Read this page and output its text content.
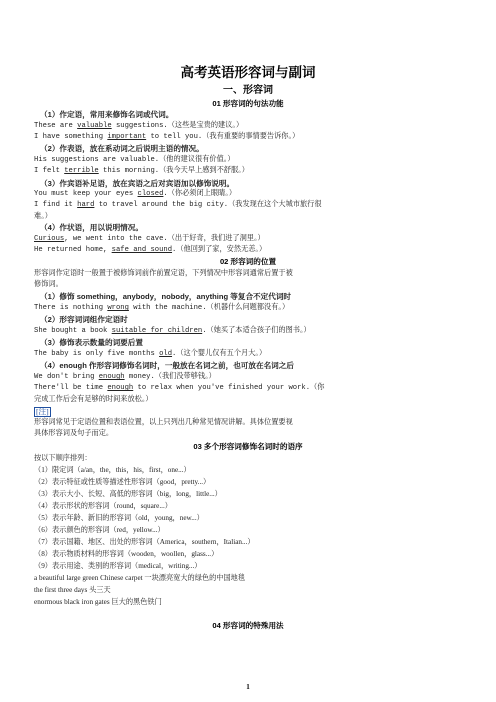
高考英语形容词与副词
一、形容词
01 形容词的句法功能
（1）作定语，常用来修饰名词或代词。
These are valuable suggestions.（这些是宝贵的建议。）
I have something important to tell you.（我有重要的事情要告诉你。）
（2）作表语，放在系动词之后说明主语的情况。
His suggestions are valuable.（他的建议很有价值。）
I felt terrible this morning.（我今天早上感到不舒服。）
（3）作宾语补足语，放在宾语之后对宾语加以修饰说明。
You must keep your eyes closed.（你必须闭上眼睛。）
I find it hard to travel around the big city.（我发现在这个大城市旅行很
难。）
（4）作状语，用以说明情况。
Curious, we went into the cave.（出于好奇，我们进了洞里。）
He returned home, safe and sound.（他回到了家，安然无恙。）
02 形容词的位置
形容词作定语时一般置于被修饰词前作前置定语，下列情况中形容词通常后置于被
修饰词。
（1）修饰 something，anybody，nobody，anything 等复合不定代词时
There is nothing wrong with the machine.（机器什么问题都没有。）
（2）形容词词组作定语时
She bought a book suitable for children.（她买了本适合孩子们的图书。）
（3）修饰表示数量的词要后置
The baby is only five months old.（这个婴儿仅有五个月大。）
（4）enough 作形容词修饰名词时，一般放在名词之前，也可放在名词之后
We don't bring enough money.（我们没带够钱。）
There'll be time enough to relax when you've finished your work.（你
完成工作后会有足够的时间来放松。）
[注]
形容词常见于定语位置和表语位置，以上只列出几种常见情况讲解。具体位置要视
具体形容词及句子而定。
03 多个形容词修饰名词时的语序
按以下顺序排列：
（1）限定词（a/an，the，this，his，first，one...）
（2）表示特征或性质等描述性形容词（good，pretty...）
（3）表示大小、长短、高低的形容词（big，long，little...）
（4）表示形状的形容词（round，square...）
（5）表示年龄、新旧的形容词（old，young，new...）
（6）表示颜色的形容词（red，yellow...）
（7）表示国籍、地区、出处的形容词（America，southern，Italian...）
（8）表示物质材料的形容词（wooden，woollen，glass...）
（9）表示用途、类别的形容词（medical，writing...）
a beautiful large green Chinese carpet 一块漂亮宽大的绿色的中国地毯
the first three days 头三天
enormous black iron gates 巨大的黑色铁门
04 形容词的特殊用法
1
